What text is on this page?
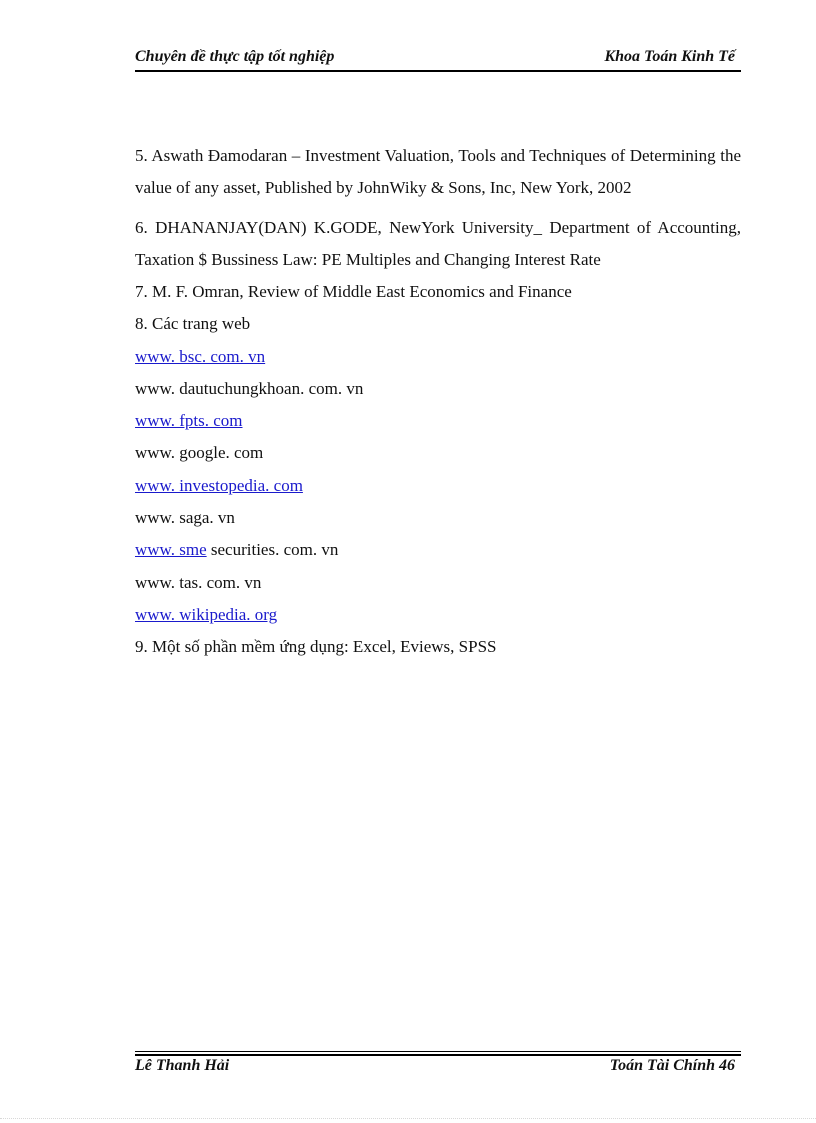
Chuyên đề thực tập tốt nghiệp	Khoa Toán Kinh Tế

5. Aswath Đamodaran – Investment Valuation, Tools and Techniques of Determining the value of any asset, Published by JohnWiky & Sons, Inc, New York, 2002

6. DHANANJAY(DAN) K.GODE, NewYork University_ Department of Accounting, Taxation $ Bussiness Law: PE Multiples and Changing Interest Rate

7. M. F. Omran, Review of Middle East Economics and Finance
8. Các trang web
www. bsc. com. vn
www. dautuchungkhoan. com. vn
www. fpts. com
www. google. com
www. investopedia. com
www. saga. vn
www. sme securities. com. vn
www. tas. com. vn
www. wikipedia. org
9. Một số phần mềm ứng dụng: Excel, Eviews, SPSS
Lê Thanh Hải	Toán Tài Chính 46
